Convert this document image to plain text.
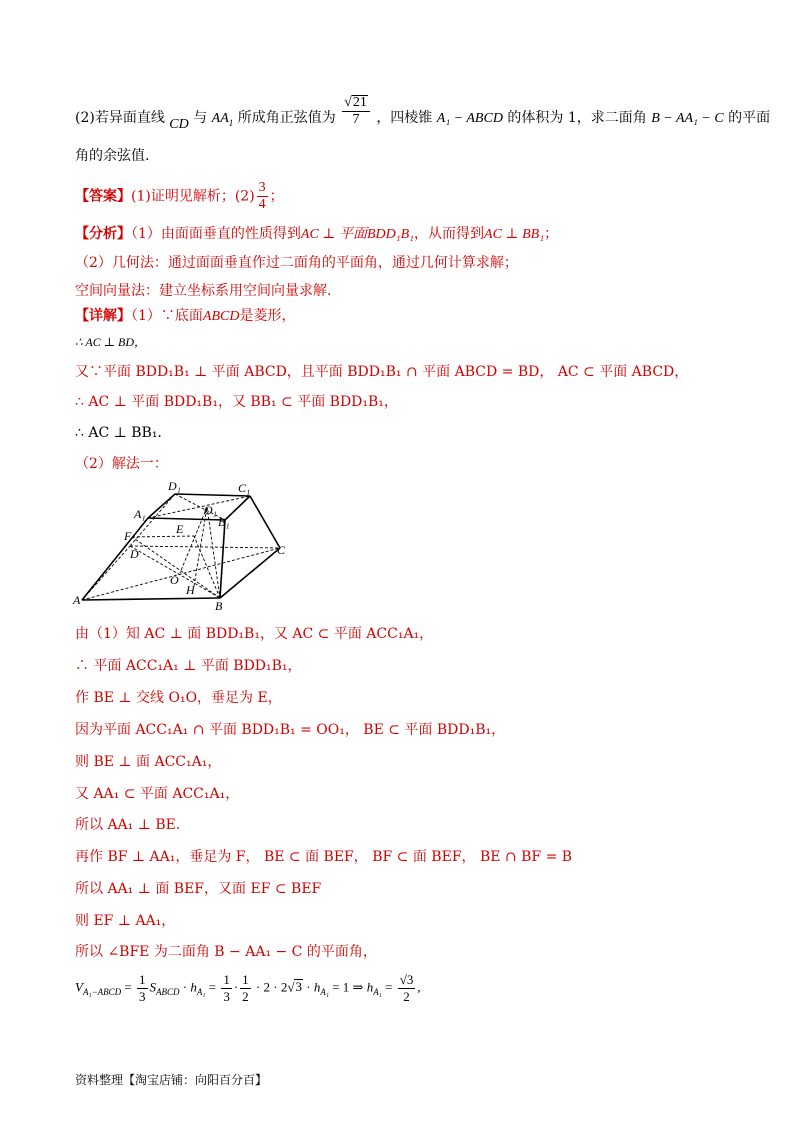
(2)若异面直线 CD 与 $AA_1$ 所成角正弦值为 $\frac{√21}{7}$ ，四棱锥 A₁ − ABCD 的体积为 1，求二面角 B − AA₁ − C 的平面
角的余弦值.
【答案】(1)证明见解析；$(2) \frac{3}{4}$ ；
【分析】（1）由面面垂直的性质得到AC ⊥ 平面BDD₁B₁，从而得到AC ⊥ BB₁；
（2）几何法：通过面面垂直作过二面角的平面角，通过几何计算求解；
空间向量法：建立坐标系用空间向量求解.
【详解】（1）∵底面ABCD是菱形，
∴ AC ⊥ BD，
又∵平面 BDD₁B₁ ⊥ 平面 ABCD，且平面 BDD₁B₁ ∩ 平面 ABCD = BD， AC ⊂ 平面 ABCD，
∴ AC ⊥ 平面 BDD₁B₁，又 BB₁ ⊂ 平面 BDD₁B₁，
∴ AC ⊥ BB₁.
（2）解法一：
D₁	C₁
A₁	O₁
B₁
E
F
D	C
O
H
A	B
由（1）知 AC ⊥ 面 BDD₁B₁，又 AC ⊂ 平面 ACC₁A₁，
∴ 平面 ACC₁A₁ ⊥ 平面 BDD₁B₁，
作 BE ⊥ 交线 O₁O，垂足为 E，
因为平面 ACC₁A₁ ∩ 平面 BDD₁B₁ = OO₁， BE ⊂ 平面 BDD₁B₁，
则 BE ⊥ 面 ACC₁A₁，
又 AA₁ ⊂ 平面 ACC₁A₁，
所以 AA₁ ⊥ BE.
再作 BF ⊥ AA₁，垂足为 F， BE ⊂ 面 BEF， BF ⊂ 面 BEF， BE ∩ BF = B
所以 AA₁ ⊥ 面 BEF，又面 EF ⊂ BEF
则 EF ⊥ AA₁，
所以 ∠BFE 为二面角 B − AA₁ − C 的平面角，
$V_{A_1-ABCD} = \frac{1}{3} S_{ABCD} \cdot h_{A_1} = \frac{1}{3} \cdot \frac{1}{2} \cdot 2 \cdot 2√3 \cdot h_{A_1} = 1$ ⇒ $h_{A_1} = \frac{√3}{2}$ ,
资料整理【淘宝店铺：向阳百分百】
